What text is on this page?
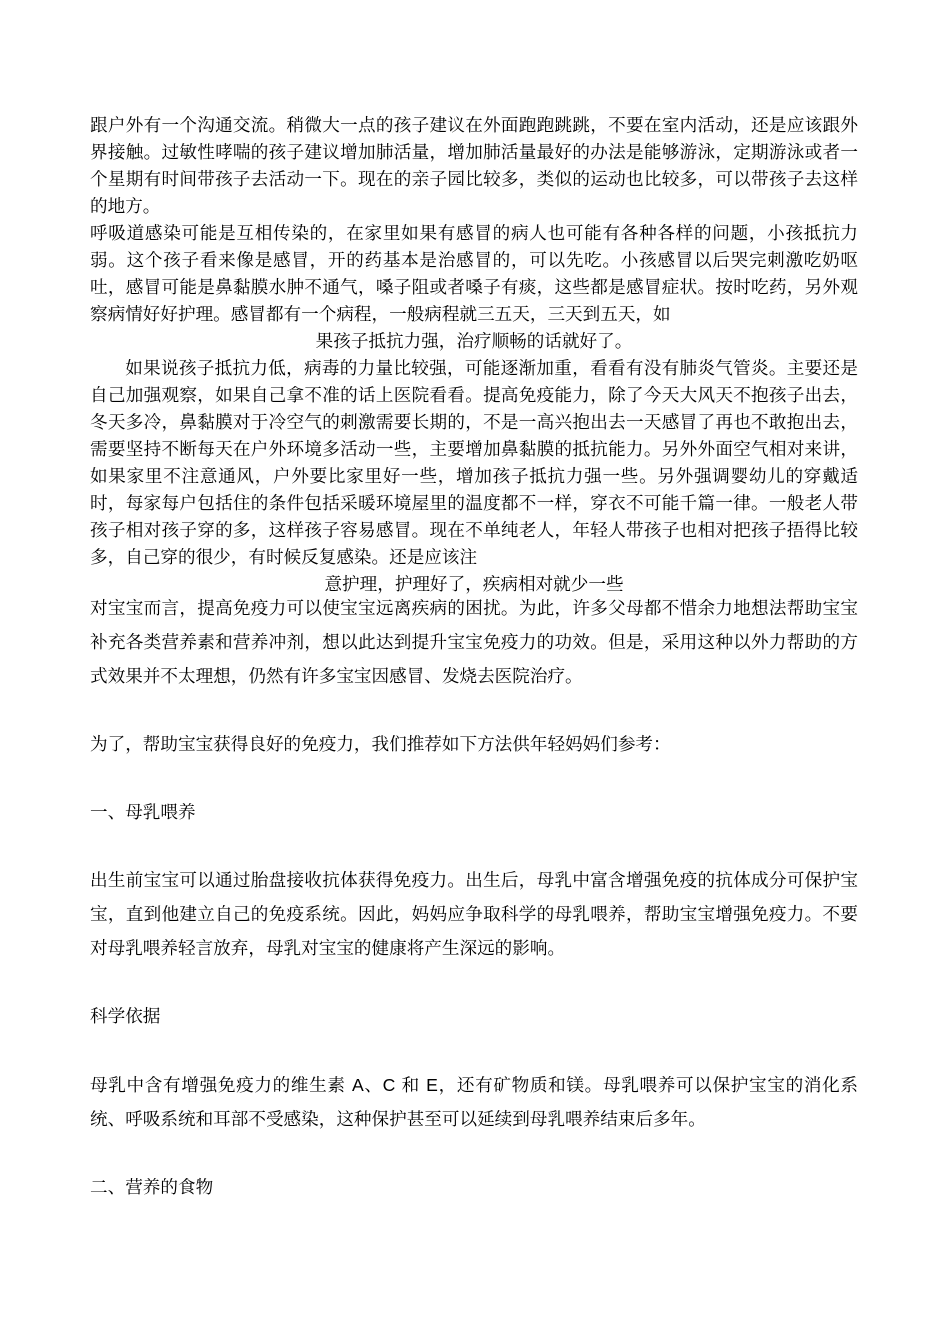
跟户外有一个沟通交流。稍微大一点的孩子建议在外面跑跑跳跳，不要在室内活动，还是应该跟外界接触。过敏性哮喘的孩子建议增加肺活量，增加肺活量最好的办法是能够游泳，定期游泳或者一个星期有时间带孩子去活动一下。现在的亲子园比较多，类似的运动也比较多，可以带孩子去这样的地方。

呼吸道感染可能是互相传染的，在家里如果有感冒的病人也可能有各种各样的问题，小孩抵抗力弱。这个孩子看来像是感冒，开的药基本是治感冒的，可以先吃。小孩感冒以后哭完刺激吃奶呕吐，感冒可能是鼻黏膜水肿不通气，嗓子阻或者嗓子有痰，这些都是感冒症状。按时吃药，另外观察病情好好护理。感冒都有一个病程，一般病程就三五天，三天到五天，如

果孩子抵抗力强，治疗顺畅的话就好了。

如果说孩子抵抗力低，病毒的力量比较强，可能逐渐加重，看看有没有肺炎气管炎。主要还是自己加强观察，如果自己拿不准的话上医院看看。提高免疫能力，除了今天大风天不抱孩子出去，冬天多冷，鼻黏膜对于冷空气的刺激需要长期的，不是一高兴抱出去一天感冒了再也不敢抱出去，需要坚持不断每天在户外环境多活动一些，主要增加鼻黏膜的抵抗能力。另外外面空气相对来讲，如果家里不注意通风，户外要比家里好一些，增加孩子抵抗力强一些。另外强调婴幼儿的穿戴适时，每家每户包括住的条件包括采暖环境屋里的温度都不一样，穿衣不可能千篇一律。一般老人带孩子相对孩子穿的多，这样孩子容易感冒。现在不单纯老人，年轻人带孩子也相对把孩子捂得比较多，自己穿的很少，有时候反复感染。还是应该注

意护理，护理好了，疾病相对就少一些

对宝宝而言，提高免疫力可以使宝宝远离疾病的困扰。为此，许多父母都不惜余力地想法帮助宝宝补充各类营养素和营养冲剂，想以此达到提升宝宝免疫力的功效。但是，采用这种以外力帮助的方式效果并不太理想，仍然有许多宝宝因感冒、发烧去医院治疗。

为了，帮助宝宝获得良好的免疫力，我们推荐如下方法供年轻妈妈们参考：

一、母乳喂养

出生前宝宝可以通过胎盘接收抗体获得免疫力。出生后，母乳中富含增强免疫的抗体成分可保护宝宝，直到他建立自己的免疫系统。因此，妈妈应争取科学的母乳喂养，帮助宝宝增强免疫力。不要对母乳喂养轻言放弃，母乳对宝宝的健康将产生深远的影响。

科学依据

母乳中含有增强免疫力的维生素 A、C 和 E，还有矿物质和镁。母乳喂养可以保护宝宝的消化系统、呼吸系统和耳部不受感染，这种保护甚至可以延续到母乳喂养结束后多年。

二、营养的食物
